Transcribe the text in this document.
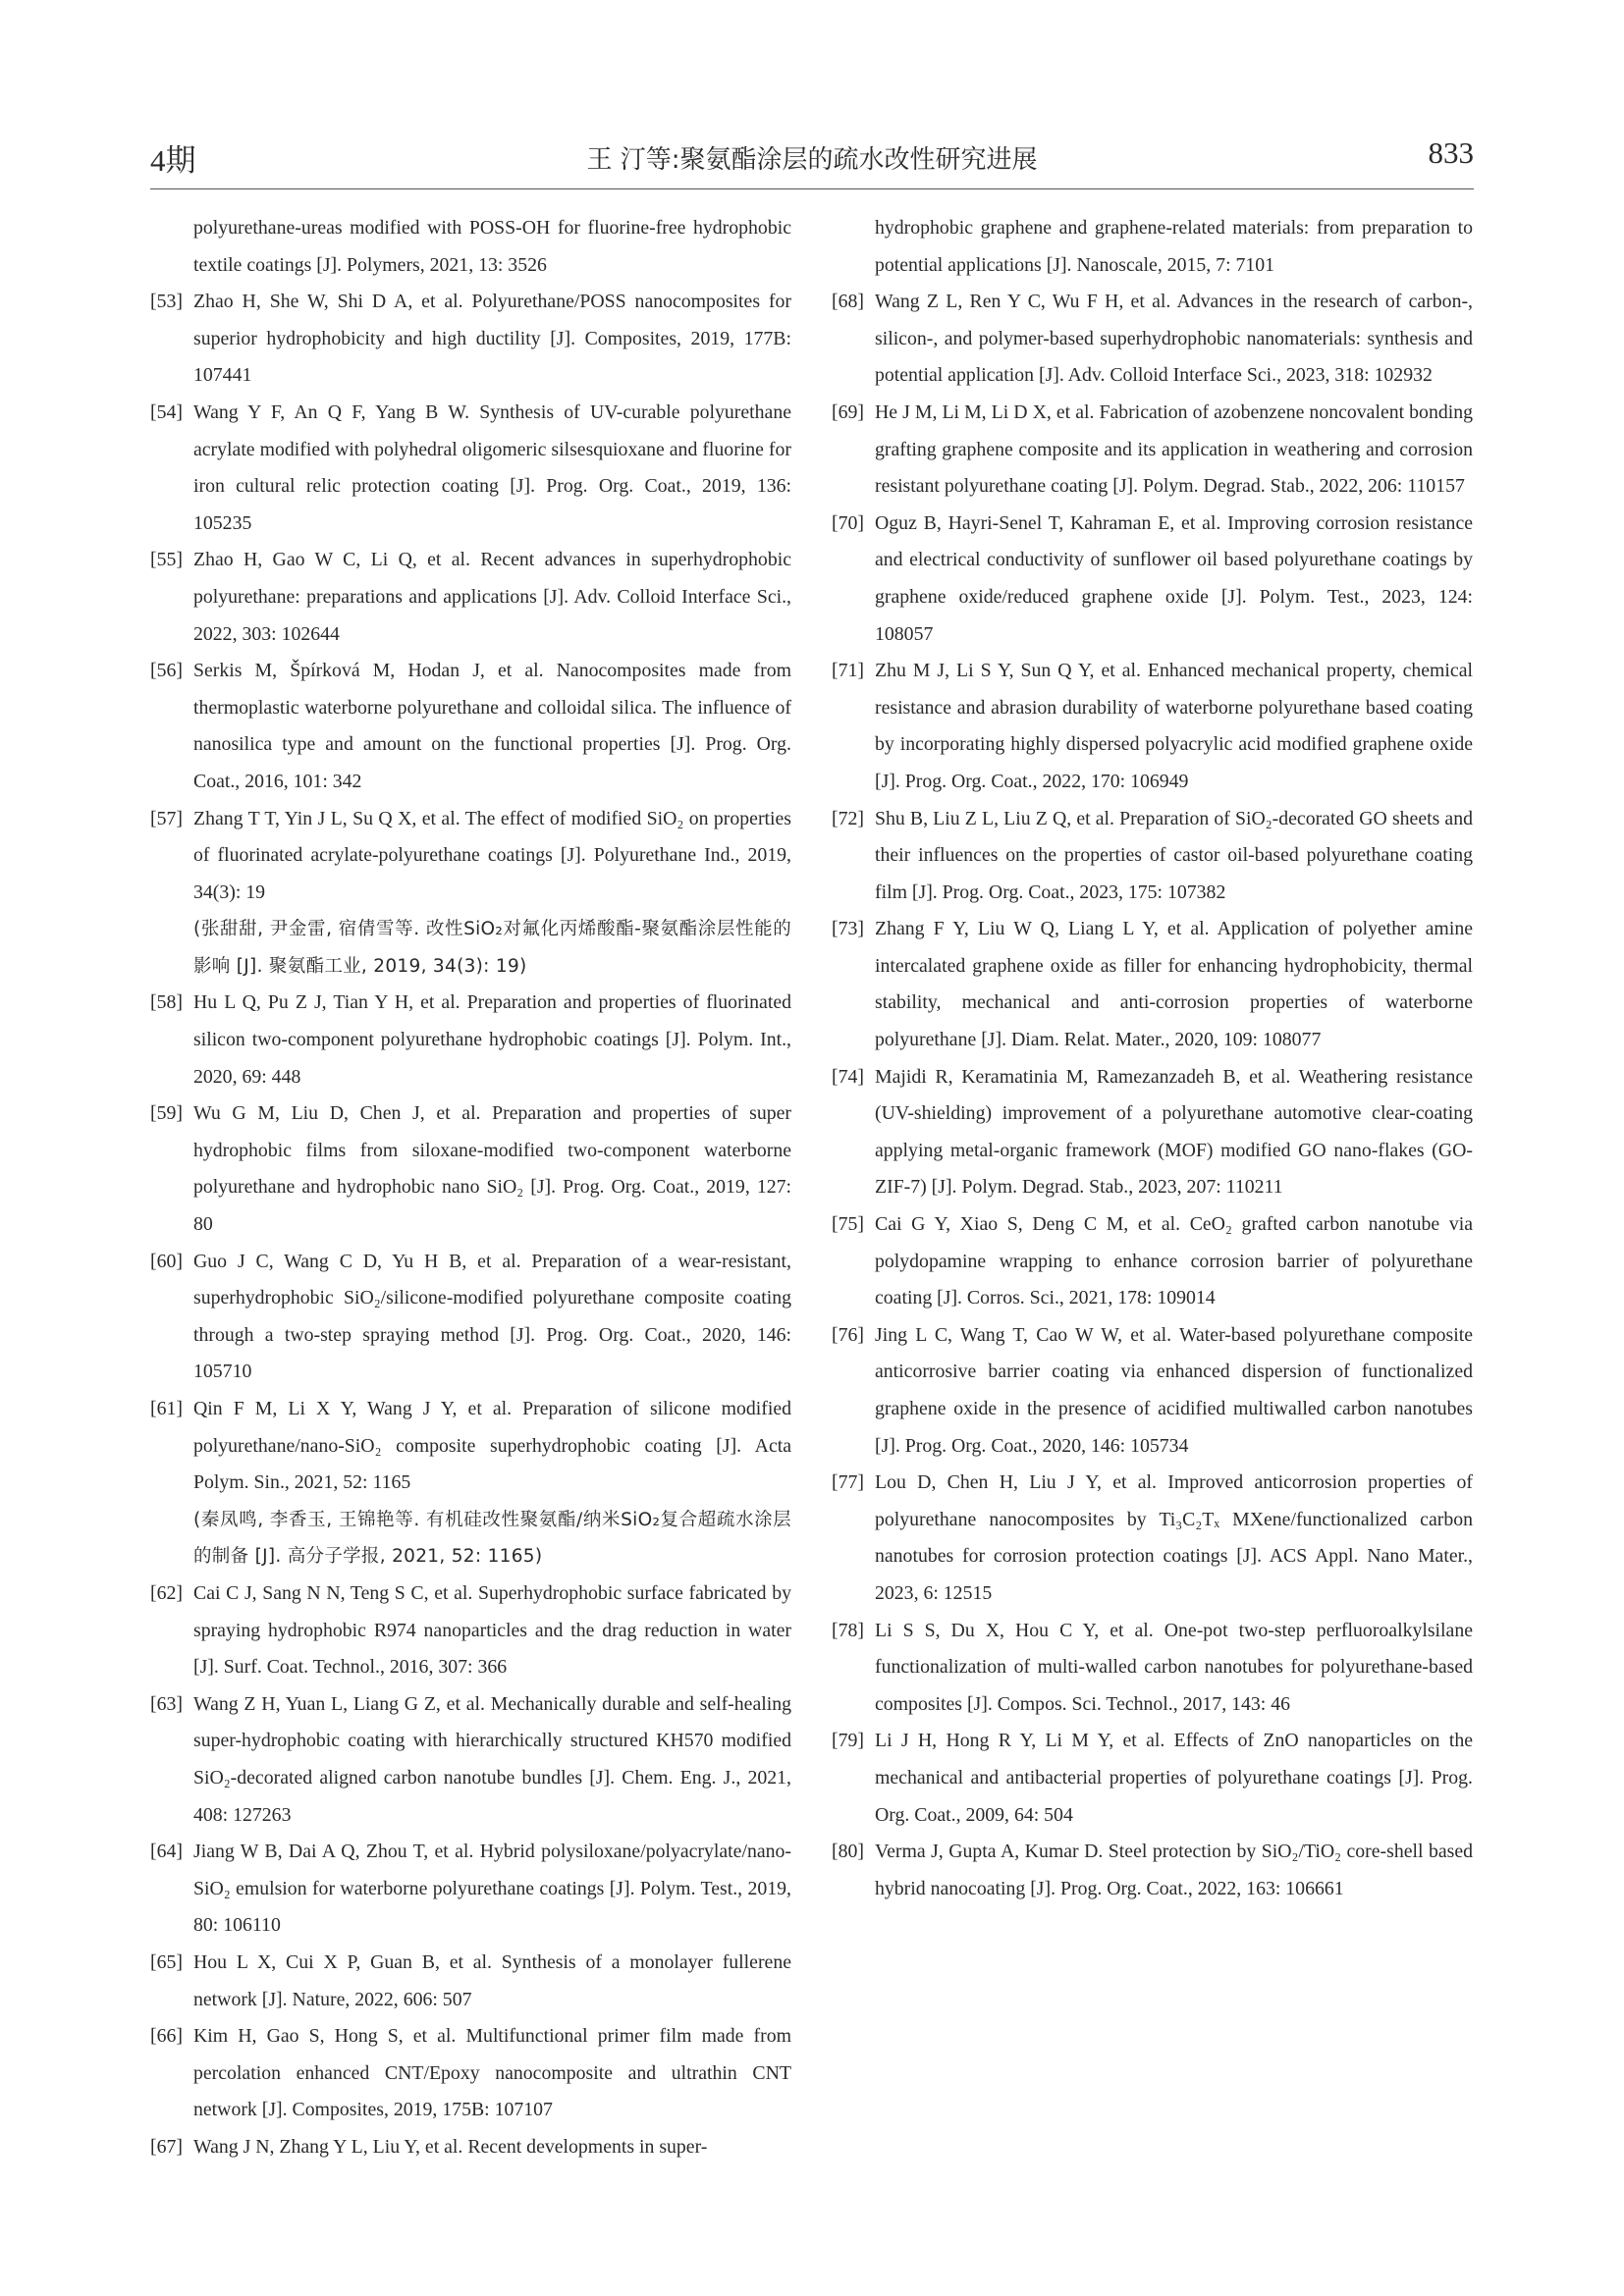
4期	王 汀等:聚氨酯涂层的疏水改性研究进展	833
polyurethane-ureas modified with POSS-OH for fluorine-free hydrophobic textile coatings [J]. Polymers, 2021, 13: 3526
[53] Zhao H, She W, Shi D A, et al. Polyurethane/POSS nanocomposites for superior hydrophobicity and high ductility [J]. Composites, 2019, 177B: 107441
[54] Wang Y F, An Q F, Yang B W. Synthesis of UV-curable polyurethane acrylate modified with polyhedral oligomeric silsesquioxane and fluorine for iron cultural relic protection coating [J]. Prog. Org. Coat., 2019, 136: 105235
[55] Zhao H, Gao W C, Li Q, et al. Recent advances in superhydrophobic polyurethane: preparations and applications [J]. Adv. Colloid Interface Sci., 2022, 303: 102644
[56] Serkis M, Špírková M, Hodan J, et al. Nanocomposites made from thermoplastic waterborne polyurethane and colloidal silica. The influence of nanosilica type and amount on the functional properties [J]. Prog. Org. Coat., 2016, 101: 342
[57] Zhang T T, Yin J L, Su Q X, et al. The effect of modified SiO₂ on properties of fluorinated acrylate-polyurethane coatings [J]. Polyurethane Ind., 2019, 34(3): 19
(张甜甜, 尹金雷, 宿倩雪等. 改性SiO₂对氟化丙烯酸酯-聚氨酯涂层性能的影响 [J]. 聚氨酯工业, 2019, 34(3): 19)
[58] Hu L Q, Pu Z J, Tian Y H, et al. Preparation and properties of fluorinated silicon two-component polyurethane hydrophobic coatings [J]. Polym. Int., 2020, 69: 448
[59] Wu G M, Liu D, Chen J, et al. Preparation and properties of super hydrophobic films from siloxane-modified two-component waterborne polyurethane and hydrophobic nano SiO₂ [J]. Prog. Org. Coat., 2019, 127: 80
[60] Guo J C, Wang C D, Yu H B, et al. Preparation of a wear-resistant, superhydrophobic SiO₂/silicone-modified polyurethane composite coating through a two-step spraying method [J]. Prog. Org. Coat., 2020, 146: 105710
[61] Qin F M, Li X Y, Wang J Y, et al. Preparation of silicone modified polyurethane/nano-SiO₂ composite superhydrophobic coating [J]. Acta Polym. Sin., 2021, 52: 1165
(秦凤鸣, 李香玉, 王锦艳等. 有机硅改性聚氨酯/纳米SiO₂复合超疏水涂层的制备 [J]. 高分子学报, 2021, 52: 1165)
[62] Cai C J, Sang N N, Teng S C, et al. Superhydrophobic surface fabricated by spraying hydrophobic R974 nanoparticles and the drag reduction in water [J]. Surf. Coat. Technol., 2016, 307: 366
[63] Wang Z H, Yuan L, Liang G Z, et al. Mechanically durable and self-healing super-hydrophobic coating with hierarchically structured KH570 modified SiO₂-decorated aligned carbon nanotube bundles [J]. Chem. Eng. J., 2021, 408: 127263
[64] Jiang W B, Dai A Q, Zhou T, et al. Hybrid polysiloxane/polyacrylate/nano-SiO₂ emulsion for waterborne polyurethane coatings [J]. Polym. Test., 2019, 80: 106110
[65] Hou L X, Cui X P, Guan B, et al. Synthesis of a monolayer fullerene network [J]. Nature, 2022, 606: 507
[66] Kim H, Gao S, Hong S, et al. Multifunctional primer film made from percolation enhanced CNT/Epoxy nanocomposite and ultrathin CNT network [J]. Composites, 2019, 175B: 107107
[67] Wang J N, Zhang Y L, Liu Y, et al. Recent developments in super-
hydrophobic graphene and graphene-related materials: from preparation to potential applications [J]. Nanoscale, 2015, 7: 7101
[68] Wang Z L, Ren Y C, Wu F H, et al. Advances in the research of carbon-, silicon-, and polymer-based superhydrophobic nanomaterials: synthesis and potential application [J]. Adv. Colloid Interface Sci., 2023, 318: 102932
[69] He J M, Li M, Li D X, et al. Fabrication of azobenzene noncovalent bonding grafting graphene composite and its application in weathering and corrosion resistant polyurethane coating [J]. Polym. Degrad. Stab., 2022, 206: 110157
[70] Oguz B, Hayri-Senel T, Kahraman E, et al. Improving corrosion resistance and electrical conductivity of sunflower oil based polyurethane coatings by graphene oxide/reduced graphene oxide [J]. Polym. Test., 2023, 124: 108057
[71] Zhu M J, Li S Y, Sun Q Y, et al. Enhanced mechanical property, chemical resistance and abrasion durability of waterborne polyurethane based coating by incorporating highly dispersed polyacrylic acid modified graphene oxide [J]. Prog. Org. Coat., 2022, 170: 106949
[72] Shu B, Liu Z L, Liu Z Q, et al. Preparation of SiO₂-decorated GO sheets and their influences on the properties of castor oil-based polyurethane coating film [J]. Prog. Org. Coat., 2023, 175: 107382
[73] Zhang F Y, Liu W Q, Liang L Y, et al. Application of polyether amine intercalated graphene oxide as filler for enhancing hydrophobicity, thermal stability, mechanical and anti-corrosion properties of waterborne polyurethane [J]. Diam. Relat. Mater., 2020, 109: 108077
[74] Majidi R, Keramatinia M, Ramezanzadeh B, et al. Weathering resistance (UV-shielding) improvement of a polyurethane automotive clear-coating applying metal-organic framework (MOF) modified GO nano-flakes (GO-ZIF-7) [J]. Polym. Degrad. Stab., 2023, 207: 110211
[75] Cai G Y, Xiao S, Deng C M, et al. CeO₂ grafted carbon nanotube via polydopamine wrapping to enhance corrosion barrier of polyurethane coating [J]. Corros. Sci., 2021, 178: 109014
[76] Jing L C, Wang T, Cao W W, et al. Water-based polyurethane composite anticorrosive barrier coating via enhanced dispersion of functionalized graphene oxide in the presence of acidified multiwalled carbon nanotubes [J]. Prog. Org. Coat., 2020, 146: 105734
[77] Lou D, Chen H, Liu J Y, et al. Improved anticorrosion properties of polyurethane nanocomposites by Ti₃C₂Tₓ MXene/functionalized carbon nanotubes for corrosion protection coatings [J]. ACS Appl. Nano Mater., 2023, 6: 12515
[78] Li S S, Du X, Hou C Y, et al. One-pot two-step perfluoroalkylsilane functionalization of multi-walled carbon nanotubes for polyurethane-based composites [J]. Compos. Sci. Technol., 2017, 143: 46
[79] Li J H, Hong R Y, Li M Y, et al. Effects of ZnO nanoparticles on the mechanical and antibacterial properties of polyurethane coatings [J]. Prog. Org. Coat., 2009, 64: 504
[80] Verma J, Gupta A, Kumar D. Steel protection by SiO₂/TiO₂ core-shell based hybrid nanocoating [J]. Prog. Org. Coat., 2022, 163: 106661
